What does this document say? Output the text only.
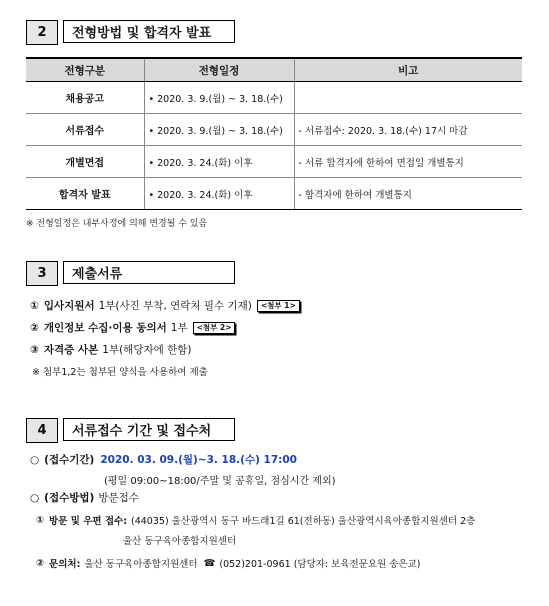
2	전형방법 및 합격자 발표
전형구분	전형일정	비고
채용공고	• 2020. 3. 9.(월) ~ 3. 18.(수)	
서류접수	• 2020. 3. 9.(월) ~ 3. 18.(수)	- 서류접수: 2020. 3. 18.(수) 17시 마감
개별면접	• 2020. 3. 24.(화) 이후	- 서류 합격자에 한하여 면접일 개별통지
합격자 발표	• 2020. 3. 24.(화) 이후	- 합격자에 한하여 개별통지
※ 전형일정은 내부사정에 의해 변경될 수 있음
3	제출서류
① 입사지원서 1부(사진 부착, 연락처 필수 기재)	<첨부 1>
② 개인정보 수집·이용 동의서 1부	<첨부 2>
③ 자격증 사본 1부(해당자에 한함)
※ 첨부1,2는 첨부된 양식을 사용하여 제출
4	서류접수 기간 및 접수처
○ (접수기간) 2020. 03. 09.(월)~3. 18.(수) 17:00
(평일 09:00~18:00/주말 및 공휴일, 점심시간 제외)
○ (접수방법) 방문접수
① 방문 및 우편 접수: (44035) 울산광역시 동구 바드래1길 61(전하동) 울산광역시육아종합지원센터 2층
울산 동구육아종합지원센터
② 문의처: 울산 동구육아종합지원센터 ☎ (052)201-0961 (담당자: 보육전문요원 송은교)
